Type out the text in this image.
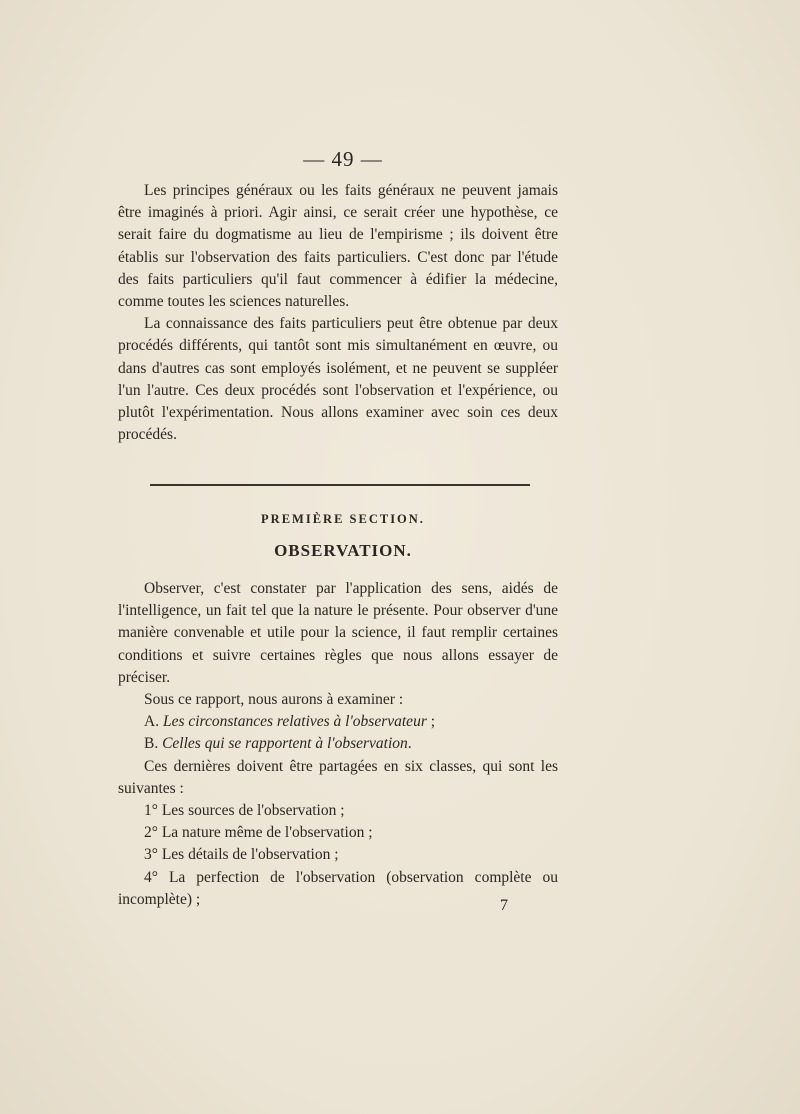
— 49 —

Les principes généraux ou les faits généraux ne peuvent jamais être imaginés à priori. Agir ainsi, ce serait créer une hypothèse, ce serait faire du dogmatisme au lieu de l'empirisme ; ils doivent être établis sur l'observation des faits particuliers. C'est donc par l'étude des faits particuliers qu'il faut commencer à édifier la médecine, comme toutes les sciences naturelles.

La connaissance des faits particuliers peut être obtenue par deux procédés différents, qui tantôt sont mis simultanément en œuvre, ou dans d'autres cas sont employés isolément, et ne peuvent se suppléer l'un l'autre. Ces deux procédés sont l'observation et l'expérience, ou plutôt l'expérimentation. Nous allons examiner avec soin ces deux procédés.

PREMIÈRE SECTION.
OBSERVATION.

Observer, c'est constater par l'application des sens, aidés de l'intelligence, un fait tel que la nature le présente. Pour observer d'une manière convenable et utile pour la science, il faut remplir certaines conditions et suivre certaines règles que nous allons essayer de préciser.

Sous ce rapport, nous aurons à examiner :

A. Les circonstances relatives à l'observateur ;

B. Celles qui se rapportent à l'observation.

Ces dernières doivent être partagées en six classes, qui sont les suivantes :

1° Les sources de l'observation ;

2° La nature même de l'observation ;

3° Les détails de l'observation ;

4° La perfection de l'observation (observation complète ou incomplète) ;	7
